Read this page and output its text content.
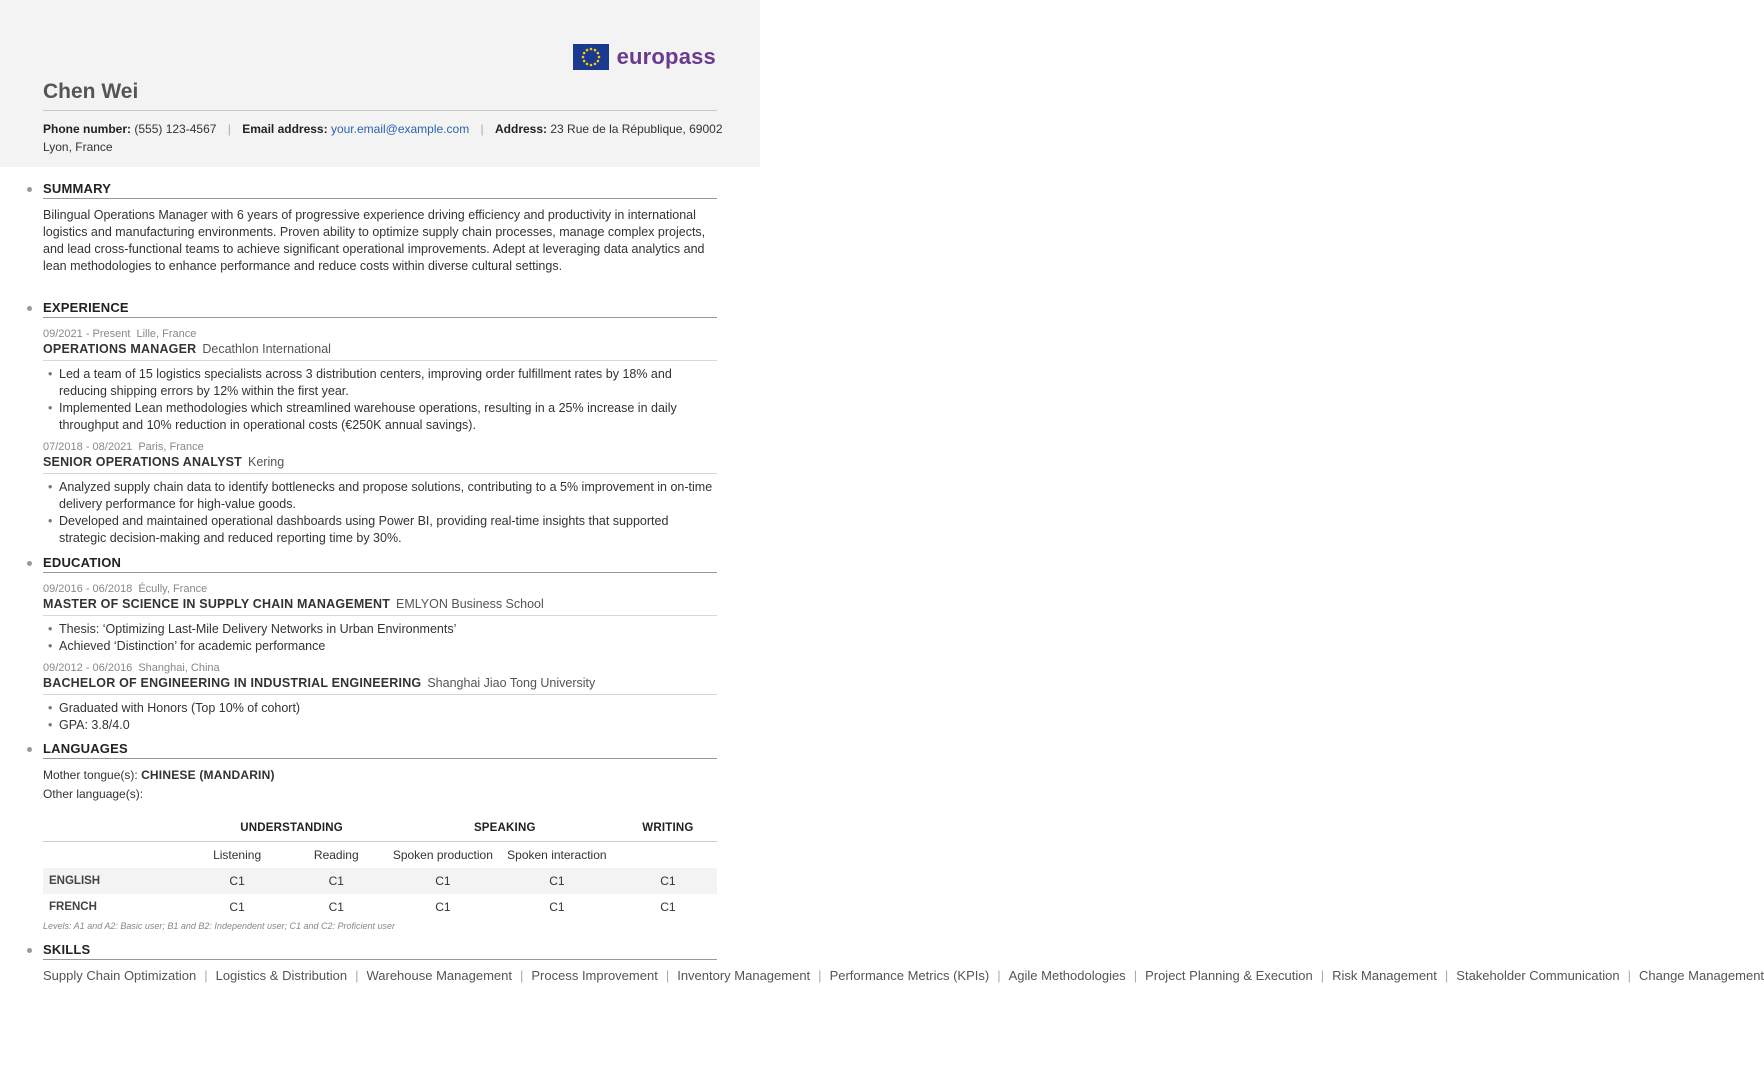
europass
Chen Wei
Phone number: (555) 123-4567 | Email address: your.email@example.com | Address: 23 Rue de la République, 69002
Lyon, France
SUMMARY
Bilingual Operations Manager with 6 years of progressive experience driving efficiency and productivity in international logistics and manufacturing environments. Proven ability to optimize supply chain processes, manage complex projects, and lead cross-functional teams to achieve significant operational improvements. Adept at leveraging data analytics and lean methodologies to enhance performance and reduce costs within diverse cultural settings.
EXPERIENCE
09/2021 - Present Lille, France
OPERATIONS MANAGER Decathlon International
• Led a team of 15 logistics specialists across 3 distribution centers, improving order fulfillment rates by 18% and reducing shipping errors by 12% within the first year.
• Implemented Lean methodologies which streamlined warehouse operations, resulting in a 25% increase in daily throughput and 10% reduction in operational costs (€250K annual savings).
07/2018 - 08/2021 Paris, France
SENIOR OPERATIONS ANALYST Kering
• Analyzed supply chain data to identify bottlenecks and propose solutions, contributing to a 5% improvement in on-time delivery performance for high-value goods.
• Developed and maintained operational dashboards using Power BI, providing real-time insights that supported strategic decision-making and reduced reporting time by 30%.
EDUCATION
09/2016 - 06/2018 Écully, France
MASTER OF SCIENCE IN SUPPLY CHAIN MANAGEMENT EMLYON Business School
• Thesis: ‘Optimizing Last-Mile Delivery Networks in Urban Environments’
• Achieved ‘Distinction’ for academic performance
09/2012 - 06/2016 Shanghai, China
BACHELOR OF ENGINEERING IN INDUSTRIAL ENGINEERING Shanghai Jiao Tong University
• Graduated with Honors (Top 10% of cohort)
• GPA: 3.8/4.0
LANGUAGES
Mother tongue(s): CHINESE (MANDARIN)
Other language(s):
	UNDERSTANDING		SPEAKING		WRITING
	Listening	Reading	Spoken production	Spoken interaction	
ENGLISH	C1	C1	C1	C1	C1
FRENCH	C1	C1	C1	C1	C1
Levels: A1 and A2: Basic user; B1 and B2: Independent user; C1 and C2: Proficient user
SKILLS
Supply Chain Optimization | Logistics & Distribution | Warehouse Management | Process Improvement | Inventory Management | Performance Metrics (KPIs) | Agile Methodologies | Project Planning & Execution | Risk Management | Stakeholder Communication | Change Management
